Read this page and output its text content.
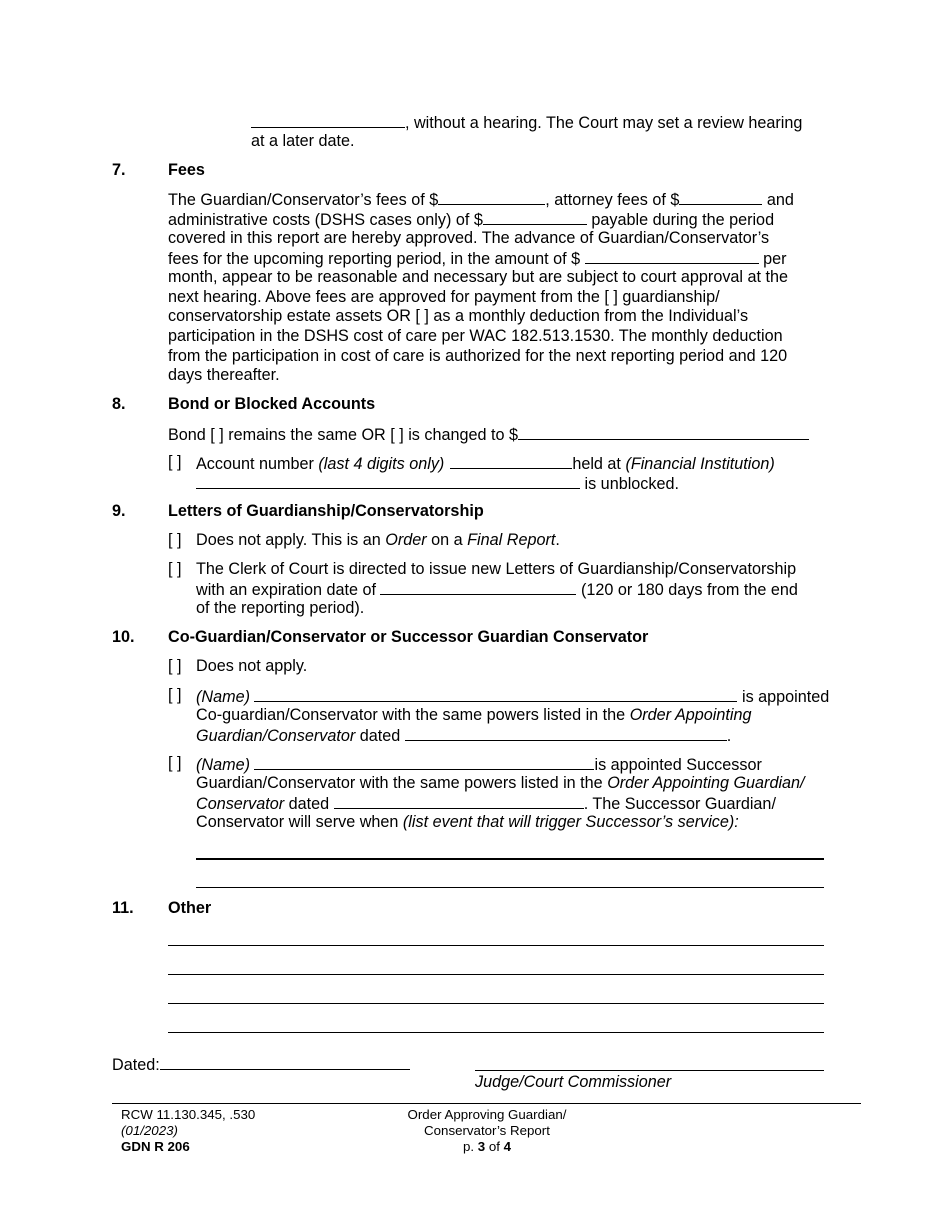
, without a hearing. The Court may set a review hearing
at a later date.
7.	Fees
The Guardian/Conservator’s fees of $	, attorney fees of $	and
administrative costs (DSHS cases only) of $	payable during the period
covered in this report are hereby approved. The advance of Guardian/Conservator’s
fees for the upcoming reporting period, in the amount of $	per
month, appear to be reasonable and necessary but are subject to court approval at the
next hearing. Above fees are approved for payment from the [ ] guardianship/
conservatorship estate assets OR [ ] as a monthly deduction from the Individual’s
participation in the DSHS cost of care per WAC 182.513.1530. The monthly deduction
from the participation in cost of care is authorized for the next reporting period and 120
days thereafter.
8.	Bond or Blocked Accounts
Bond [ ] remains the same OR [ ] is changed to $
[ ] Account number (last 4 digits only)	held at (Financial Institution)
is unblocked.
9.	Letters of Guardianship/Conservatorship
[ ] Does not apply. This is an Order on a Final Report.
[ ] The Clerk of Court is directed to issue new Letters of Guardianship/Conservatorship
with an expiration date of	(120 or 180 days from the end
of the reporting period).
10. Co-Guardian/Conservator or Successor Guardian Conservator
[ ] Does not apply.
[ ] (Name)	is appointed
Co-guardian/Conservator with the same powers listed in the Order Appointing
Guardian/Conservator dated	.
[ ] (Name)	is appointed Successor
Guardian/Conservator with the same powers listed in the Order Appointing Guardian/
Conservator dated	. The Successor Guardian/
Conservator will serve when (list event that will trigger Successor’s service):
11. Other
Dated:
Judge/Court Commissioner
RCW 11.130.345, .530
(01/2023)
GDN R 206
Order Approving Guardian/
Conservator’s Report
p. 3 of 4
